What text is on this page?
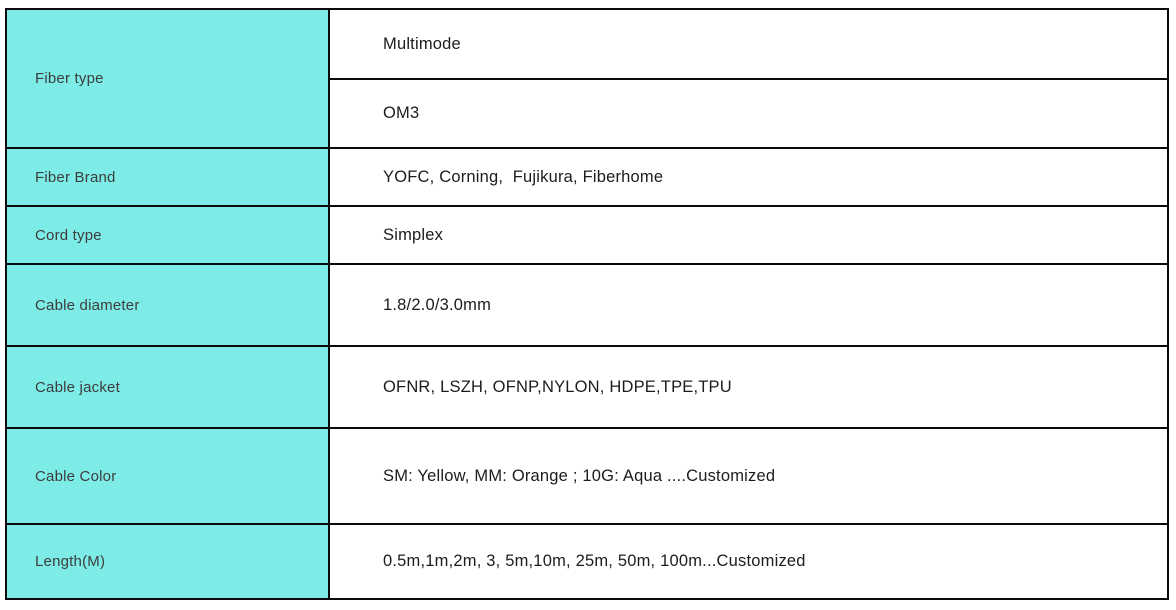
Fiber type	Multimode
	OM3
Fiber Brand	YOFC, Corning,  Fujikura, Fiberhome
Cord type	Simplex
Cable diameter	1.8/2.0/3.0mm
Cable jacket	OFNR, LSZH, OFNP,NYLON, HDPE,TPE,TPU
Cable Color	SM: Yellow, MM: Orange ; 10G: Aqua ....Customized
Length(M)	0.5m,1m,2m, 3, 5m,10m, 25m, 50m, 100m...Customized
